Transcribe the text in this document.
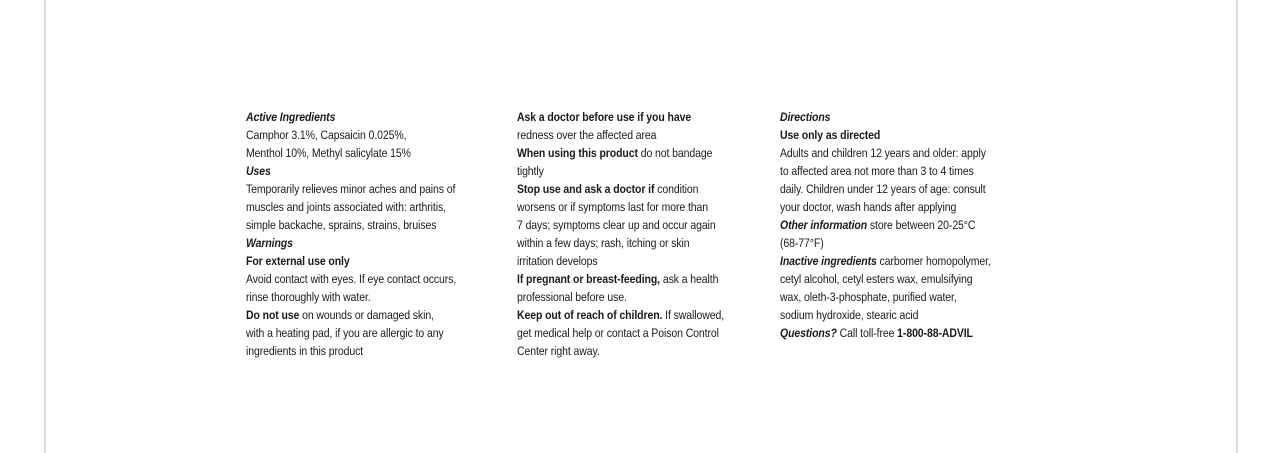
Active Ingredients

Camphor 3.1%, Capsaicin 0.025%,

Menthol 10%, Methyl salicylate 15%

Uses

Temporarily relieves minor aches and pains of

muscles and joints associated with: arthritis,

simple backache, sprains, strains, bruises

Warnings

For external use only

Avoid contact with eyes. If eye contact occurs,

rinse thoroughly with water.

Do not use on wounds or damaged skin,

with a heating pad, if you are allergic to any

ingredients in this product

Ask a doctor before use if you have

redness over the affected area

When using this product do not bandage

tightly

Stop use and ask a doctor if condition

worsens or if symptoms last for more than

7 days; symptoms clear up and occur again

within a few days; rash, itching or skin

irritation develops

If pregnant or breast-feeding, ask a health

professional before use.

Keep out of reach of children. If swallowed,

get medical help or contact a Poison Control

Center right away.

Directions

Use only as directed

Adults and children 12 years and older: apply

to affected area not more than 3 to 4 times

daily. Children under 12 years of age: consult

your doctor, wash hands after applying

Other information store between 20-25°C

(68-77°F)

Inactive ingredients carbomer homopolymer,

cetyl alcohol, cetyl esters wax, emulsifying

wax, oleth-3-phosphate, purified water,

sodium hydroxide, stearic acid

Questions? Call toll-free 1-800-88-ADVIL
